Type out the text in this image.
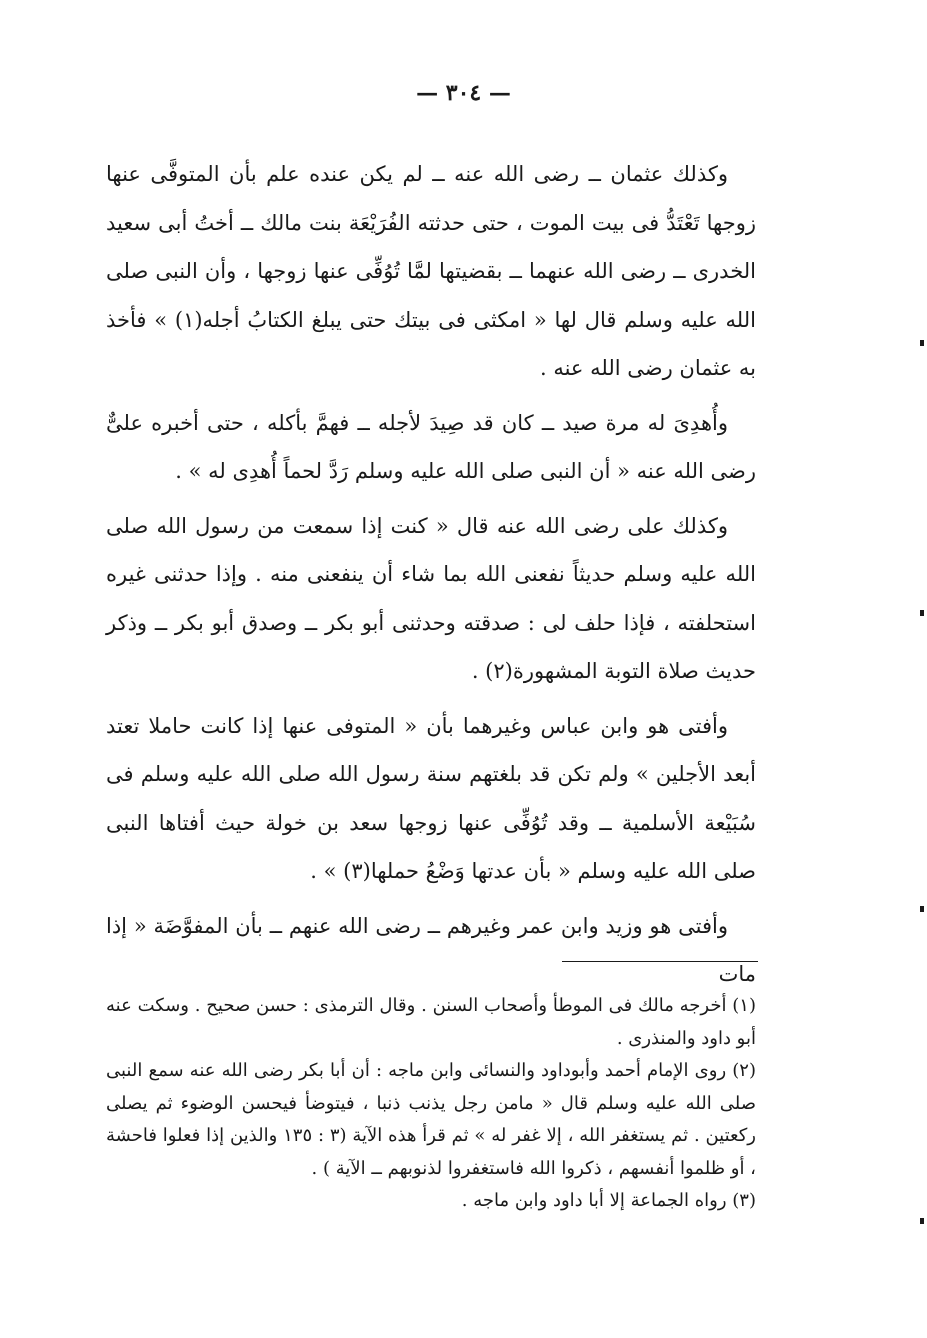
— ٣٠٤ —

وكذلك عثمان ــ رضى الله عنه ــ لم يكن عنده علم بأن المتوفَّى عنها زوجها تَعْتَدُّ فى بيت الموت ، حتى حدثته الفُرَيْعَة بنت مالك ــ أختُ أبى سعيد الخدرى ــ رضى الله عنهما ــ بقضيتها لمَّا تُوُفِّى عنها زوجها ، وأن النبى صلى الله عليه وسلم قال لها « امكثى فى بيتك حتى يبلغ الكتابُ أجله(١) » فأخذ به عثمان رضى الله عنه .

وأُهدِىَ له مرة صيد ــ كان قد صِيدَ لأجله ــ فهمَّ بأكله ، حتى أخبره علىٌّ رضى الله عنه « أن النبى صلى الله عليه وسلم رَدَّ لحماً أُهدِى له » .

وكذلك على رضى الله عنه قال « كنت إذا سمعت من رسول الله صلى الله عليه وسلم حديثاً نفعنى الله بما شاء أن ينفعنى منه . وإذا حدثنى غيره استحلفته ، فإذا حلف لى : صدقته وحدثنى أبو بكر ــ وصدق أبو بكر ــ وذكر حديث صلاة التوبة المشهورة(٢) .

وأفتى هو وابن عباس وغيرهما بأن « المتوفى عنها إذا كانت حاملا تعتد أبعد الأجلين » ولم تكن قد بلغتهم سنة رسول الله صلى الله عليه وسلم فى سُبَيْعة الأسلمية ــ وقد تُوُفِّى عنها زوجها سعد بن خولة حيث أفتاها النبى صلى الله عليه وسلم « بأن عدتها وَضْعُ حملها(٣) » .

وأفتى هو وزيد وابن عمر وغيرهم ــ رضى الله عنهم ــ بأن المفوَّضَة « إذا مات

(١) أخرجه مالك فى الموطأ وأصحاب السنن . وقال الترمذى : حسن صحيح . وسكت عنه أبو داود والمنذرى .

(٢) روى الإمام أحمد وأبوداود والنسائى وابن ماجه : أن أبا بكر رضى الله عنه سمع النبى صلى الله عليه وسلم قال « مامن رجل يذنب ذنبا ، فيتوضأ فيحسن الوضوء ثم يصلى ركعتين . ثم يستغفر الله ، إلا غفر له » ثم قرأ هذه الآية (٣ : ١٣٥ والذين إذا فعلوا فاحشة ، أو ظلموا أنفسهم ، ذكروا الله فاستغفروا لذنوبهم ــ الآية ) .

(٣) رواه الجماعة إلا أبا داود وابن ماجه .
